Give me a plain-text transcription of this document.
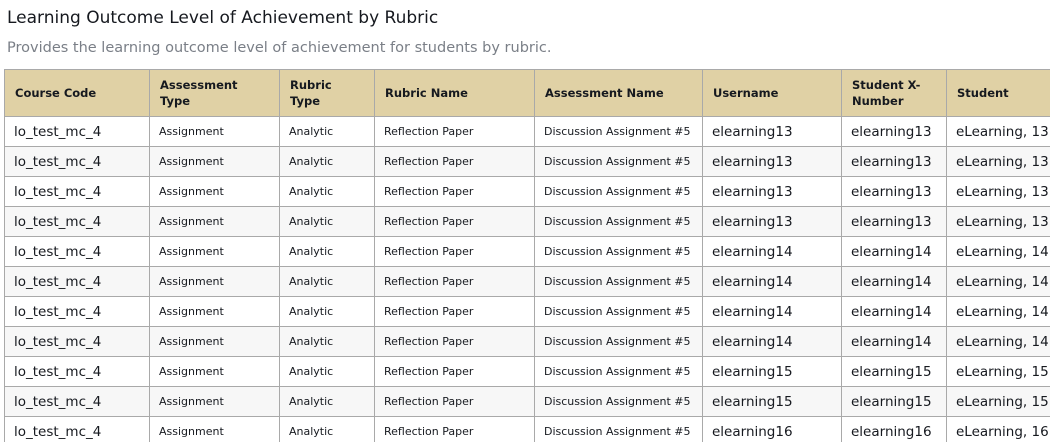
Learning Outcome Level of Achievement by Rubric
Provides the learning outcome level of achievement for students by rubric.
Course Code	Assessment Type	Rubric Type	Rubric Name	Assessment Name	Username	Student X-Number	Student
lo_test_mc_4	Assignment	Analytic	Reflection Paper	Discussion Assignment #5	elearning13	elearning13	eLearning, 13
lo_test_mc_4	Assignment	Analytic	Reflection Paper	Discussion Assignment #5	elearning13	elearning13	eLearning, 13
lo_test_mc_4	Assignment	Analytic	Reflection Paper	Discussion Assignment #5	elearning13	elearning13	eLearning, 13
lo_test_mc_4	Assignment	Analytic	Reflection Paper	Discussion Assignment #5	elearning13	elearning13	eLearning, 13
lo_test_mc_4	Assignment	Analytic	Reflection Paper	Discussion Assignment #5	elearning14	elearning14	eLearning, 14
lo_test_mc_4	Assignment	Analytic	Reflection Paper	Discussion Assignment #5	elearning14	elearning14	eLearning, 14
lo_test_mc_4	Assignment	Analytic	Reflection Paper	Discussion Assignment #5	elearning14	elearning14	eLearning, 14
lo_test_mc_4	Assignment	Analytic	Reflection Paper	Discussion Assignment #5	elearning14	elearning14	eLearning, 14
lo_test_mc_4	Assignment	Analytic	Reflection Paper	Discussion Assignment #5	elearning15	elearning15	eLearning, 15
lo_test_mc_4	Assignment	Analytic	Reflection Paper	Discussion Assignment #5	elearning15	elearning15	eLearning, 15
lo_test_mc_4	Assignment	Analytic	Reflection Paper	Discussion Assignment #5	elearning16	elearning16	eLearning, 16
